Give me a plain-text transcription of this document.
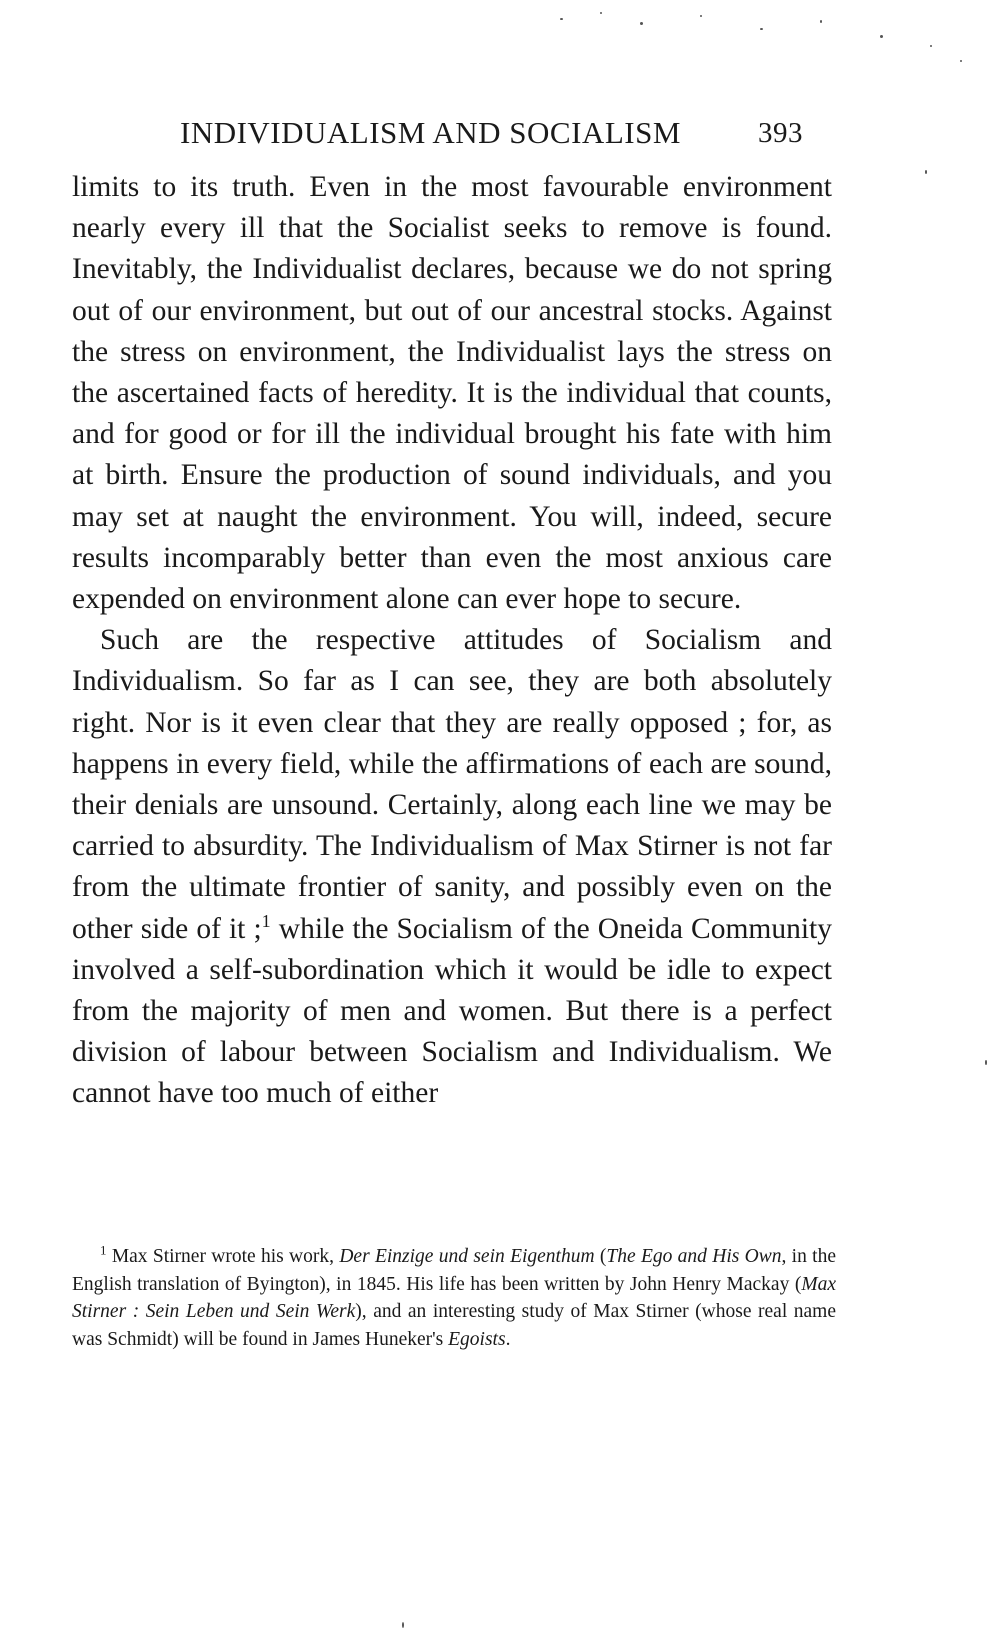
INDIVIDUALISM AND SOCIALISM	393

limits to its truth. Even in the most favourable environment nearly every ill that the Socialist seeks to remove is found. Inevitably, the Individualist declares, because we do not spring out of our environment, but out of our ancestral stocks. Against the stress on environment, the Individualist lays the stress on the ascertained facts of heredity. It is the individual that counts, and for good or for ill the individual brought his fate with him at birth. Ensure the production of sound individuals, and you may set at naught the environment. You will, indeed, secure results incomparably better than even the most anxious care expended on environment alone can ever hope to secure.

Such are the respective attitudes of Socialism and Individualism. So far as I can see, they are both absolutely right. Nor is it even clear that they are really opposed ; for, as happens in every field, while the affirmations of each are sound, their denials are unsound. Certainly, along each line we may be carried to absurdity. The Individualism of Max Stirner is not far from the ultimate frontier of sanity, and possibly even on the other side of it ;$^1$ while the Socialism of the Oneida Community involved a self-subordination which it would be idle to expect from the majority of men and women. But there is a perfect division of labour between Socialism and Individualism. We cannot have too much of either

$^1$ Max Stirner wrote his work, Der Einzige und sein Eigenthum (The Ego and His Own, in the English translation of Byington), in 1845. His life has been written by John Henry Mackay (Max Stirner : Sein Leben und Sein Werk), and an interesting study of Max Stirner (whose real name was Schmidt) will be found in James Huneker's Egoists.
